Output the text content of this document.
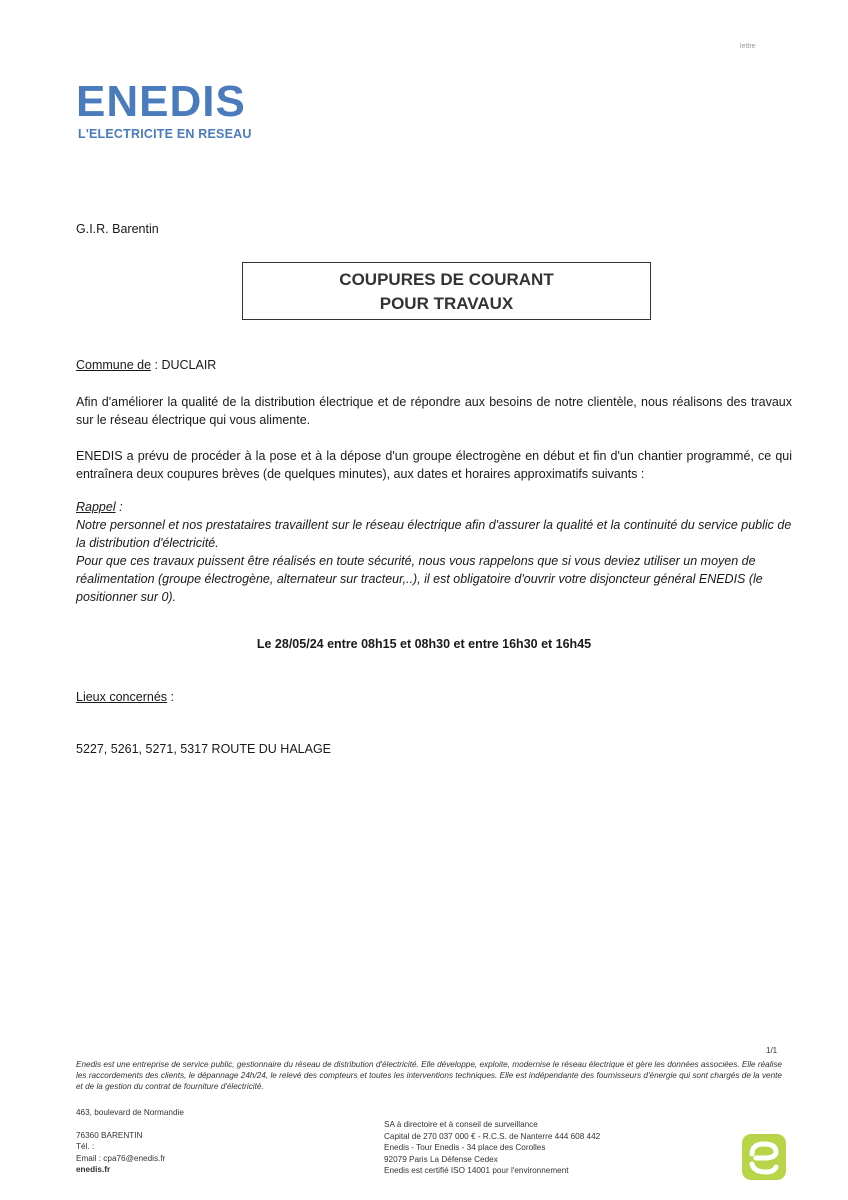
lettre
ENEDIS
L'ELECTRICITE EN RESEAU
G.I.R. Barentin
COUPURES DE COURANT
POUR TRAVAUX
Commune de : DUCLAIR
Afin d'améliorer la qualité de la distribution électrique et de répondre aux besoins de notre clientèle, nous réalisons des travaux sur le réseau électrique qui vous alimente.
ENEDIS a prévu de procéder à la pose et à la dépose d'un groupe électrogène en début et fin d'un chantier programmé, ce qui entraînera deux coupures brèves (de quelques minutes), aux dates et horaires approximatifs suivants :
Rappel :
Notre personnel et nos prestataires travaillent sur le réseau électrique afin d'assurer la qualité et la continuité du service public de la distribution d'électricité.
Pour que ces travaux puissent être réalisés en toute sécurité, nous vous rappelons que si vous deviez utiliser un moyen de réalimentation (groupe électrogène, alternateur sur tracteur,..), il est obligatoire d'ouvrir votre disjoncteur général ENEDIS (le positionner sur 0).
Le 28/05/24 entre 08h15 et 08h30 et entre 16h30 et 16h45
Lieux concernés :
5227, 5261, 5271, 5317 ROUTE DU HALAGE
1/1
Enedis est une entreprise de service public, gestionnaire du réseau de distribution d'électricité. Elle développe, exploite, modernise le réseau électrique et gère les données associées. Elle réalise les raccordements des clients, le dépannage 24h/24, le relevé des compteurs et toutes les interventions techniques. Elle est indépendante des fournisseurs d'énergie qui sont chargés de la vente et de la gestion du contrat de fourniture d'électricité.
463, boulevard de Normandie
76360 BARENTIN
Tél. :
Email : cpa76@enedis.fr
enedis.fr
SA à directoire et à conseil de surveillance
Capital de 270 037 000 € - R.C.S. de Nanterre 444 608 442
Enedis - Tour Enedis - 34 place des Corolles
92079 Paris La Défense Cedex
Enedis est certifié ISO 14001 pour l'environnement
